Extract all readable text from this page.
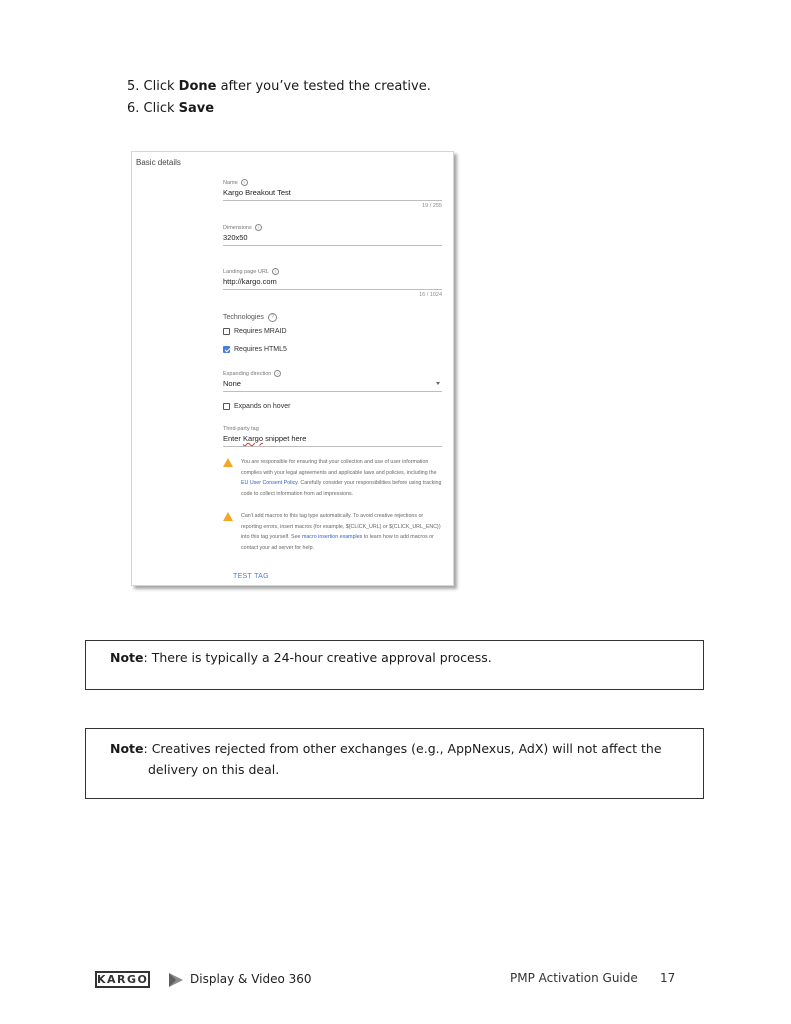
5. Click Done after you’ve tested the creative.
6. Click Save
Basic details
Name	?
Kargo Breakout Test
19 / 255
Dimensions	?
320x50
Landing page URL	?
http://kargo.com
16 / 1024
Technologies	?
Requires MRAID
Requires HTML5
Expanding direction	?
None
Expands on hover
Third-party tag
Enter Kargo snippet here
You are responsible for ensuring that your collection and use of user information complies with your legal agreements and applicable laws and policies, including the EU User Consent Policy. Carefully consider your responsibilities before using tracking code to collect information from ad impressions.
Can't add macros to this tag type automatically. To avoid creative rejections or reporting errors, insert macros (for example, ${CLICK_URL} or ${CLICK_URL_ENC}) into this tag yourself. See macro insertion examples to learn how to add macros or contact your ad server for help.
TEST TAG
Note: There is typically a 24-hour creative approval process.
Note: Creatives rejected from other exchanges (e.g., AppNexus, AdX) will not affect the
delivery on this deal.
KARGO	Display & Video 360	PMP Activation Guide 17
